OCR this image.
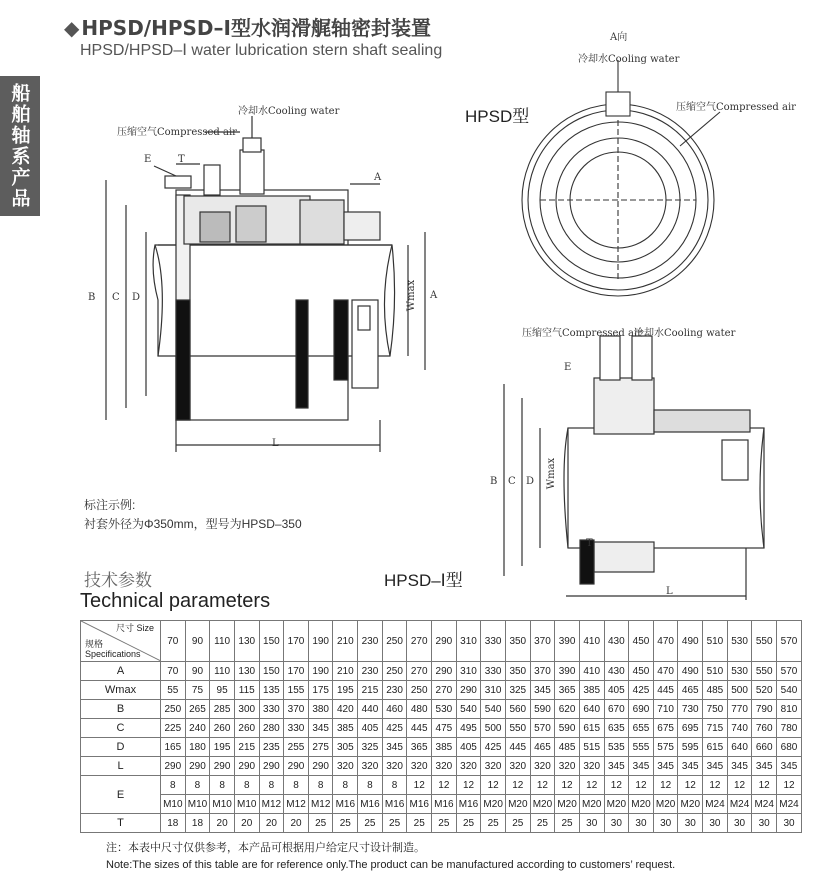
船舶轴系产品
◆ HPSD/HPSD–Ⅰ型水润滑艉轴密封装置
HPSD/HPSD–Ⅰ water lubrication stern shaft sealing
冷却水Cooling water
压缩空气Compressed air
E	T
A
B C D
L
Wmax A
A向
冷却水Cooling water
压缩空气Compressed air
HPSD型
压缩空气Compressed air
冷却水Cooling water
E
B C D Wmax
T
L
HPSD–Ⅰ型
标注示例:
衬套外径为Φ350mm，型号为HPSD–350
技术参数
Technical parameters
尺寸 Size
规格 Specifications	70	90	110	130	150	170	190	210	230	250	270	290	310	330	350	370	390	410	430	450	470	490	510	530	550	570
A	70	90	110	130	150	170	190	210	230	250	270	290	310	330	350	370	390	410	430	450	470	490	510	530	550	570
Wmax	55	75	95	115	135	155	175	195	215	230	250	270	290	310	325	345	365	385	405	425	445	465	485	500	520	540
B	250	265	285	300	330	370	380	420	440	460	480	530	540	540	560	590	620	640	670	690	710	730	750	770	790	810
C	225	240	260	260	280	330	345	385	405	425	445	475	495	500	550	570	590	615	635	655	675	695	715	740	760	780
D	165	180	195	215	235	255	275	305	325	345	365	385	405	425	445	465	485	515	535	555	575	595	615	640	660	680
L	290	290	290	290	290	290	290	320	320	320	320	320	320	320	320	320	320	320	345	345	345	345	345	345	345	345
E	8	8	8	8	8	8	8	8	8	8	12	12	12	12	12	12	12	12	12	12	12	12	12	12	12	12
	M10	M10	M10	M10	M12	M12	M12	M16	M16	M16	M16	M16	M16	M20	M20	M20	M20	M20	M20	M20	M20	M20	M24	M24	M24	M24
T	18	18	20	20	20	20	25	25	25	25	25	25	25	25	25	25	25	30	30	30	30	30	30	30	30	30
注：本表中尺寸仅供参考，本产品可根据用户给定尺寸设计制造。
Note:The sizes of this table are for reference only.The product can be manufactured according to customers’ request.
